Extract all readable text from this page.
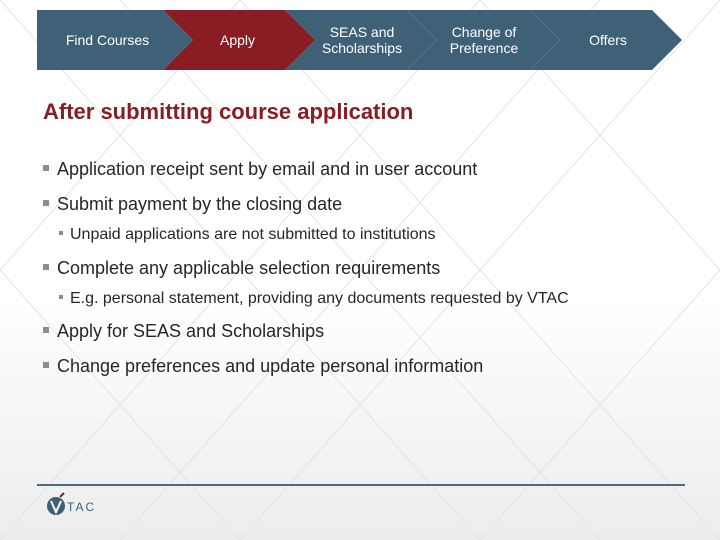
Find Courses	Apply	SEAS and
Scholarships
Change of
Preference	Offers
After submitting course application
Application receipt sent by email and in user account
Submit payment by the closing date
Unpaid applications are not submitted to institutions
Complete any applicable selection requirements
E.g. personal statement, providing any documents requested by VTAC
Apply for SEAS and Scholarships
Change preferences and update personal information
TAC
